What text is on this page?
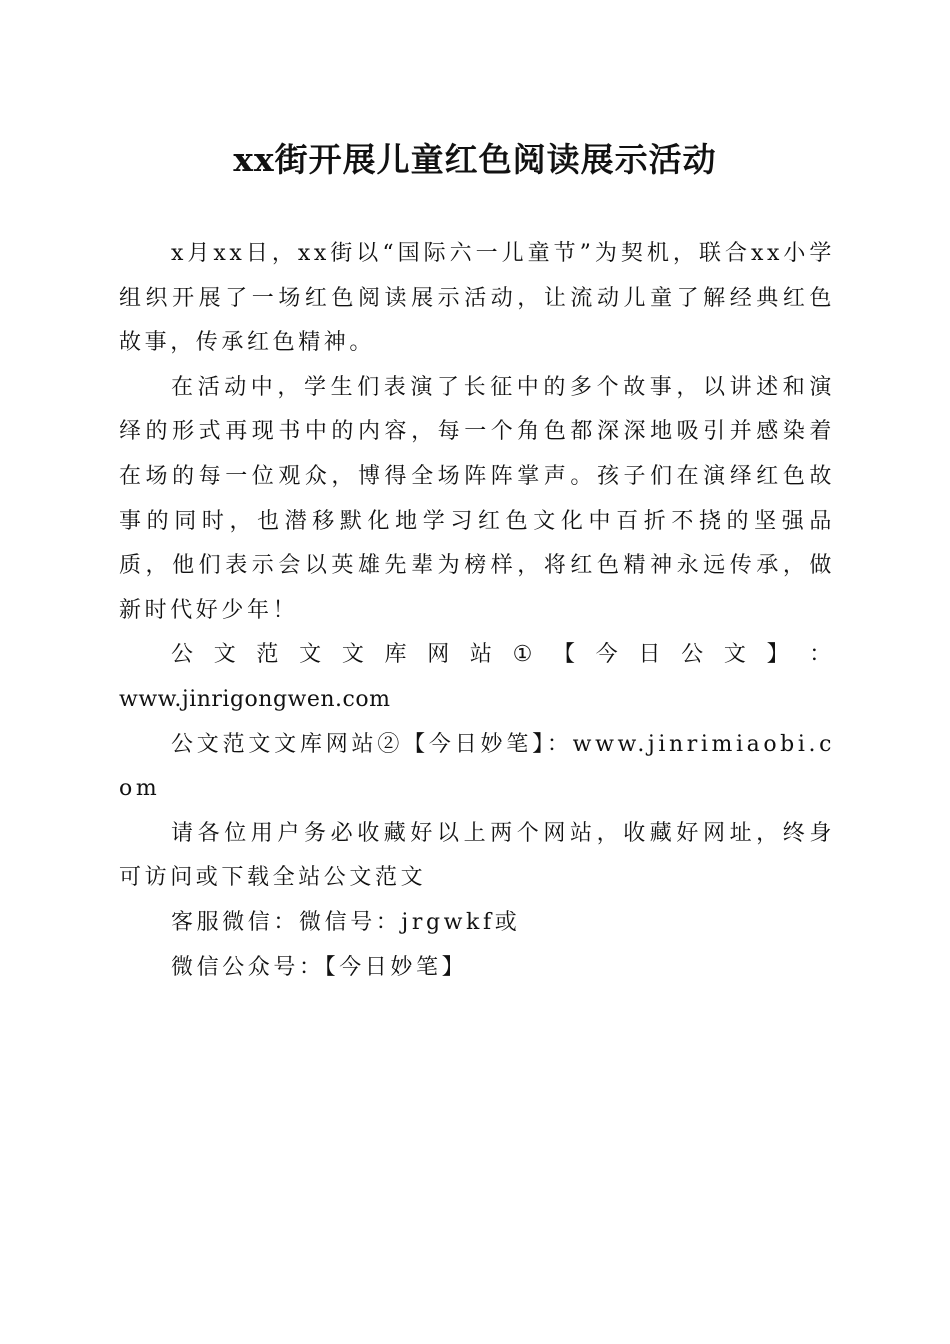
xx街开展儿童红色阅读展示活动

x月xx日，xx街以“国际六一儿童节”为契机，联合xx小学组织开展了一场红色阅读展示活动，让流动儿童了解经典红色故事，传承红色精神。

在活动中，学生们表演了长征中的多个故事，以讲述和演绎的形式再现书中的内容，每一个角色都深深地吸引并感染着在场的每一位观众，博得全场阵阵掌声。孩子们在演绎红色故事的同时，也潜移默化地学习红色文化中百折不挠的坚强品质，他们表示会以英雄先辈为榜样，将红色精神永远传承，做新时代好少年！

公 文 范 文 文 库 网 站 ① 【 今 日 公 文 】 ：
www.jinrigongwen.com

公文范文文库网站②【今日妙笔】：www.jinrimiaobi.com

请各位用户务必收藏好以上两个网站，收藏好网址，终身可访问或下载全站公文范文

客服微信：微信号：jrgwkf或

微信公众号：【今日妙笔】
